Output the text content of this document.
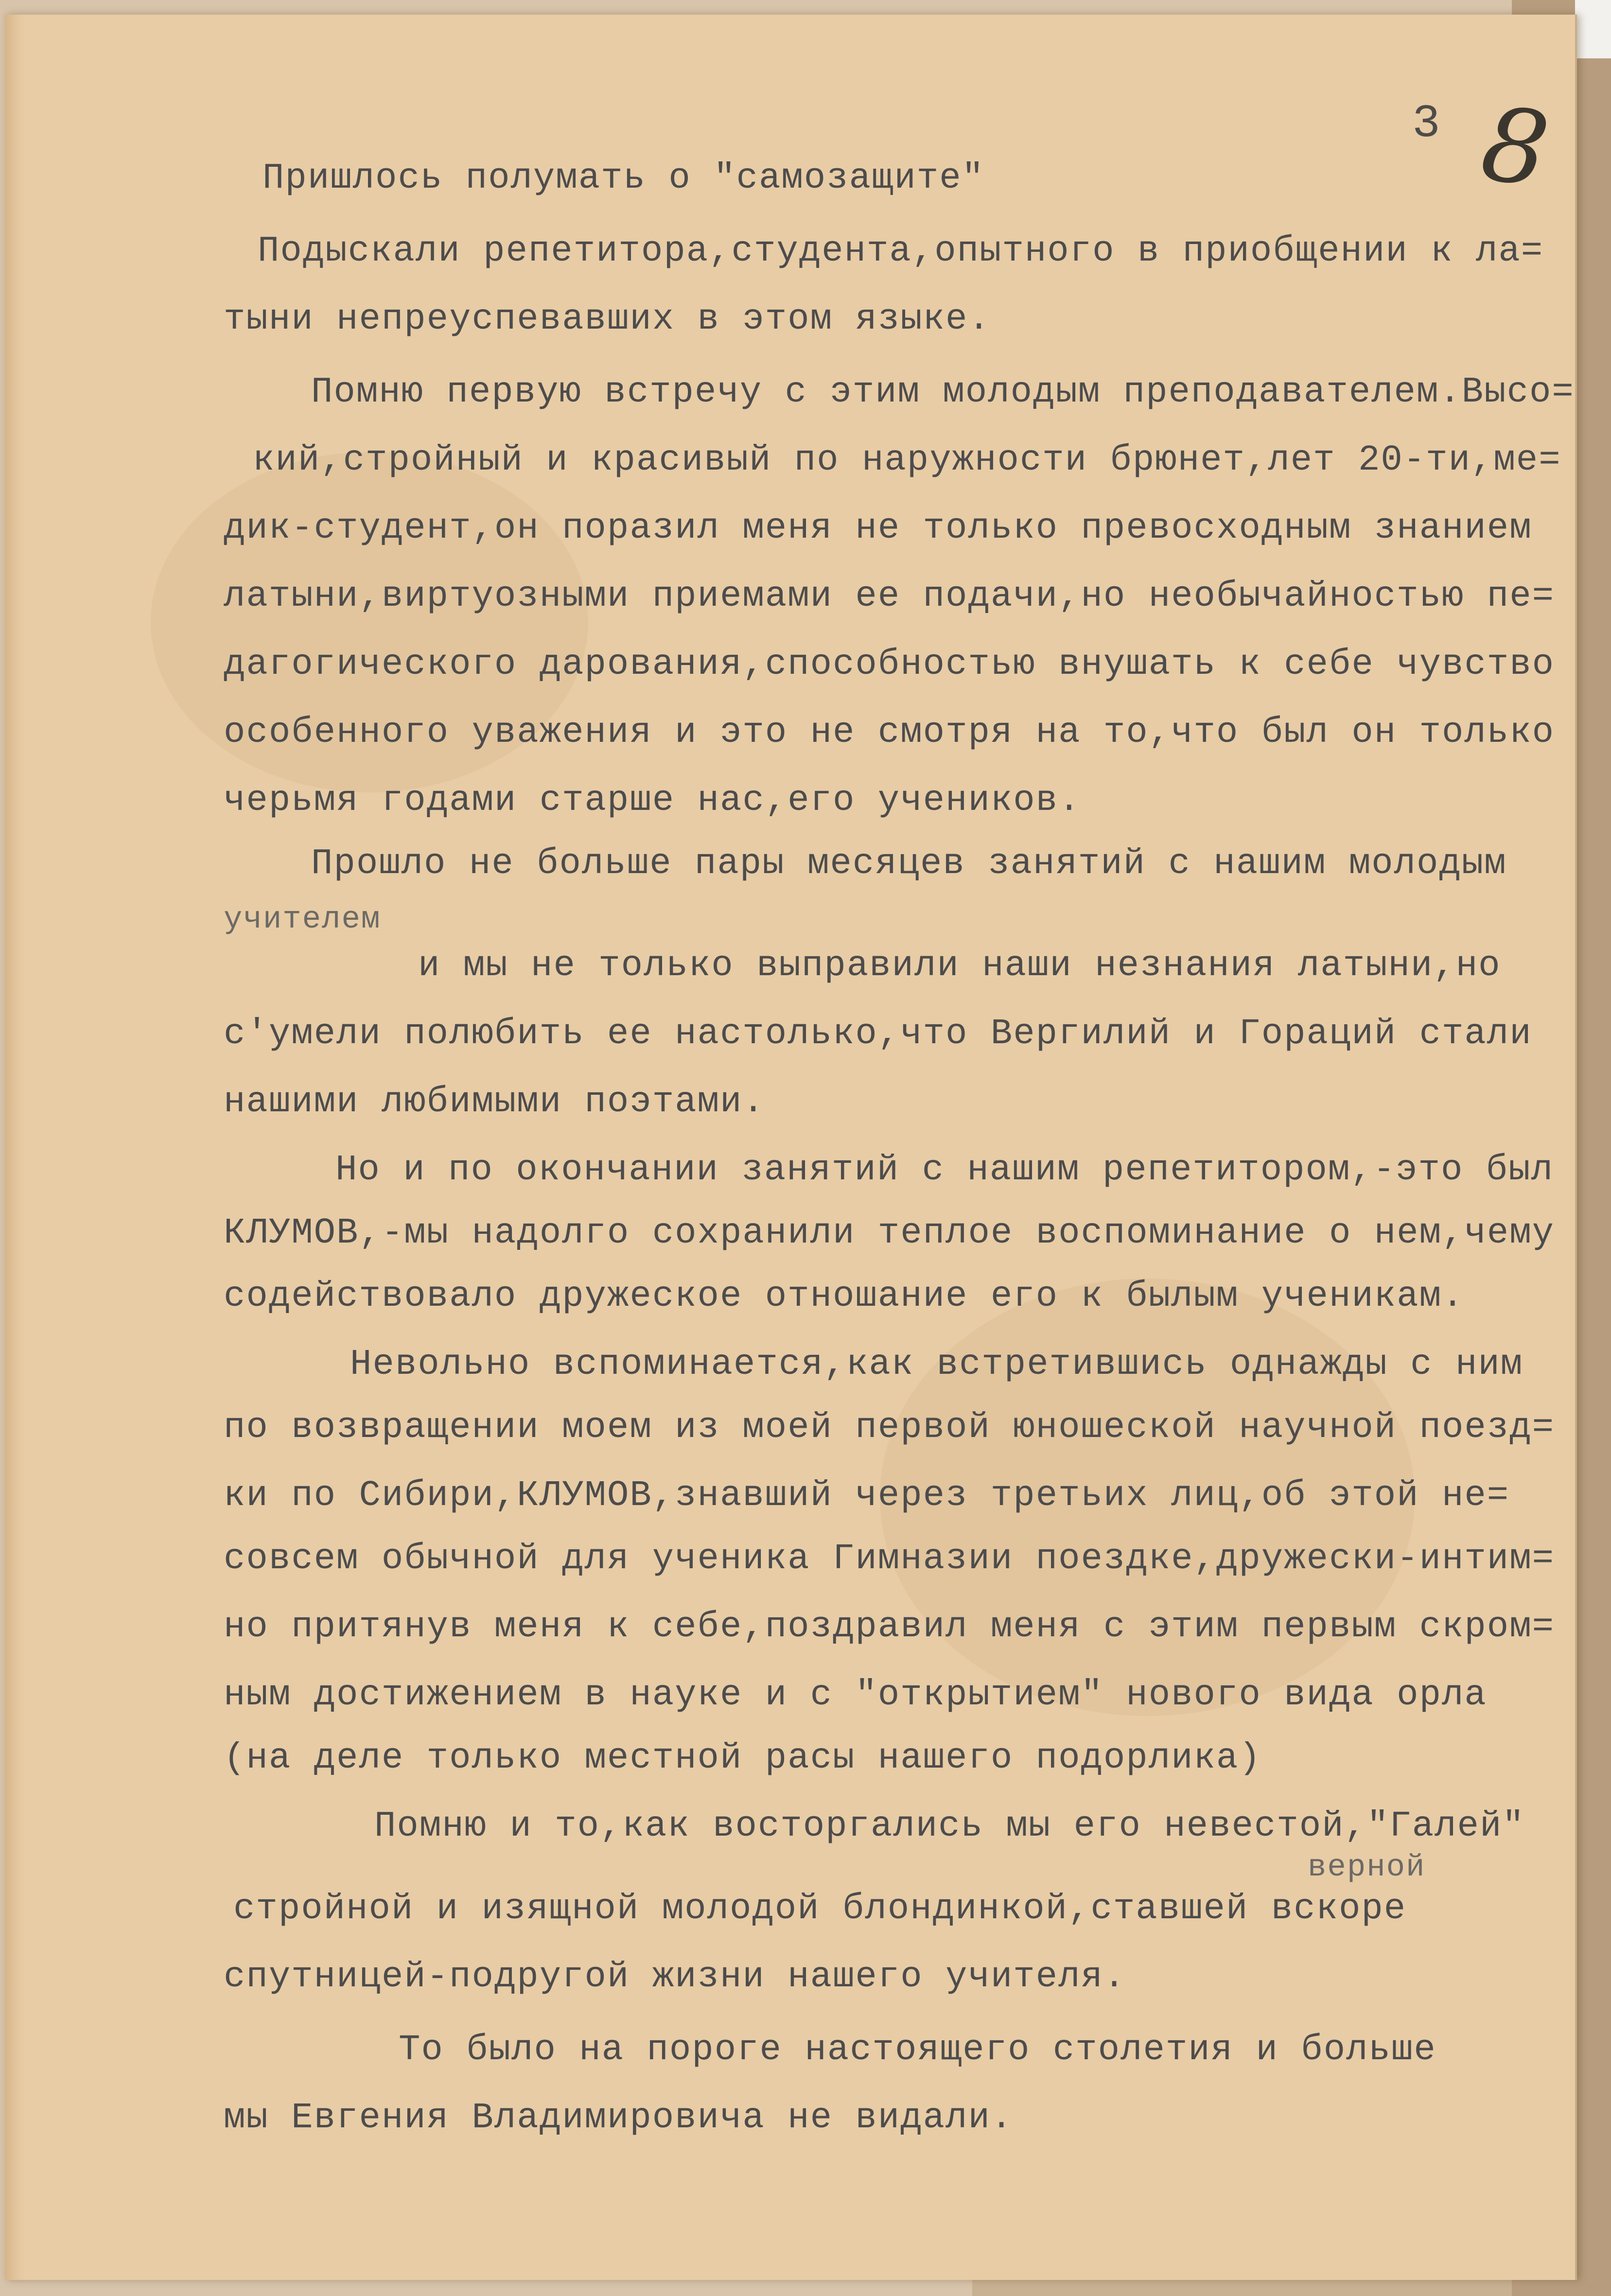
3 8
Пришлось полумать о "самозащите"
Подыскали репетитора,студента,опытного в приобщении к ла=
тыни непреуспевавших в этом языке.
Помню первую встречу с этим молодым преподавателем.Высо=
кий,стройный и красивый по наружности брюнет,лет 20-ти,ме=
дик-студент,он поразил меня не только превосходным знанием
латыни,виртуозными приемами ее подачи,но необычайностью пе=
дагогического дарования,способностью внушать к себе чувство
особенного уважения и это не смотря на то,что был он только
черьмя годами старше нас,его учеников.
Прошло не больше пары месяцев занятий с нашим молодым
учителем
и мы не только выправили наши незнания латыни,но
с'умели полюбить ее настолько,что Вергилий и Гораций стали
нашими любимыми поэтами.
Но и по окончании занятий с нашим репетитором,-это был
КЛУМОВ,-мы надолго сохранили теплое воспоминание о нем,чему
содействовало дружеское отношание его к былым ученикам.
Невольно вспоминается,как встретившись однажды с ним
по возвращении моем из моей первой юношеской научной поезд=
ки по Сибири,КЛУМОВ,знавший через третьих лиц,об этой не=
совсем обычной для ученика Гимназии поездке,дружески-интим=
но притянув меня к себе,поздравил меня с этим первым скром=
ным достижением в науке и с "открытием" нового вида орла
(на деле только местной расы нашего подорлика)
Помню и то,как восторгались мы его невестой,"Галей"
верной
стройной и изящной молодой блондинкой,ставшей вскоре
спутницей-подругой жизни нашего учителя.
То было на пороге настоящего столетия и больше
мы Евгения Владимировича не видали.
